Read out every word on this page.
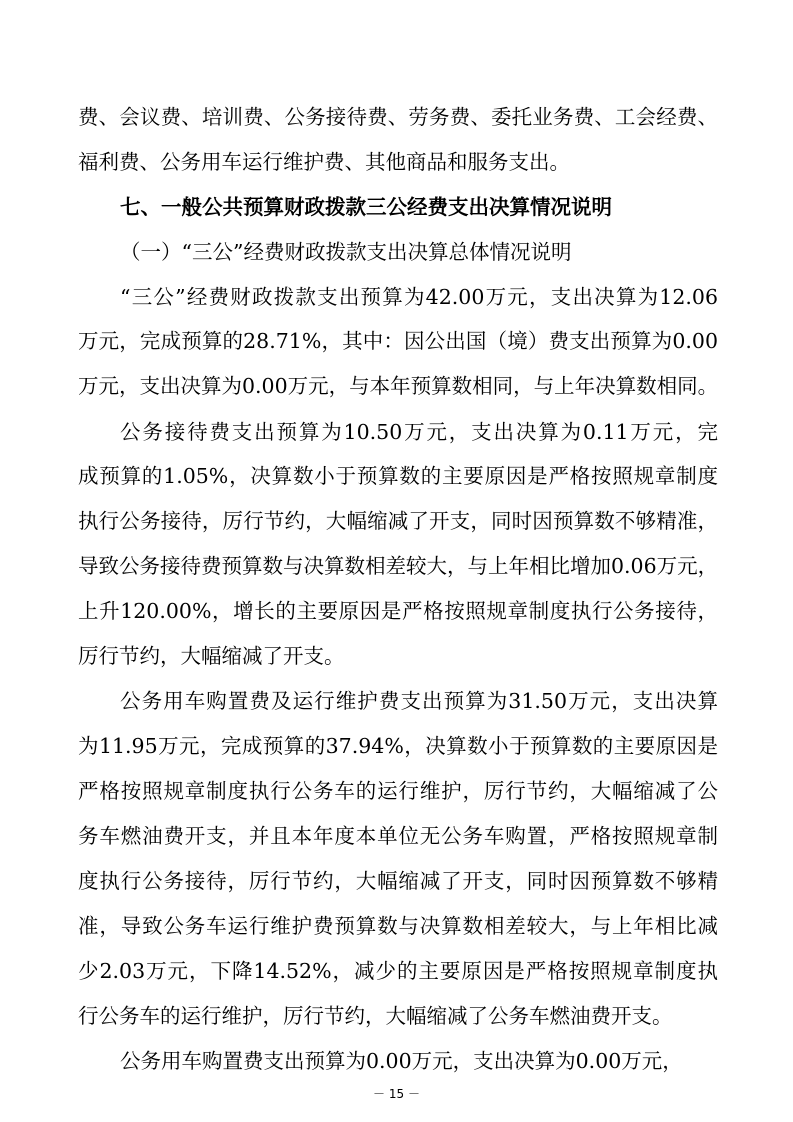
费、会议费、培训费、公务接待费、劳务费、委托业务费、工会经费、
福利费、公务用车运行维护费、其他商品和服务支出。
七、一般公共预算财政拨款三公经费支出决算情况说明
（一）“三公”经费财政拨款支出决算总体情况说明
“三公”经费财政拨款支出预算为42.00万元，支出决算为12.06
万元，完成预算的28.71%，其中：因公出国（境）费支出预算为0.00
万元，支出决算为0.00万元，与本年预算数相同，与上年决算数相同。
公务接待费支出预算为10.50万元，支出决算为0.11万元，完
成预算的1.05%，决算数小于预算数的主要原因是严格按照规章制度
执行公务接待，厉行节约，大幅缩减了开支，同时因预算数不够精准，
导致公务接待费预算数与决算数相差较大，与上年相比增加0.06万元，
上升120.00%，增长的主要原因是严格按照规章制度执行公务接待，
厉行节约，大幅缩减了开支。
公务用车购置费及运行维护费支出预算为31.50万元，支出决算
为11.95万元，完成预算的37.94%，决算数小于预算数的主要原因是
严格按照规章制度执行公务车的运行维护，厉行节约，大幅缩减了公
务车燃油费开支，并且本年度本单位无公务车购置，严格按照规章制
度执行公务接待，厉行节约，大幅缩减了开支，同时因预算数不够精
准，导致公务车运行维护费预算数与决算数相差较大，与上年相比减
少2.03万元，下降14.52%，减少的主要原因是严格按照规章制度执
行公务车的运行维护，厉行节约，大幅缩减了公务车燃油费开支。
公务用车购置费支出预算为0.00万元，支出决算为0.00万元，
－ 15 －
